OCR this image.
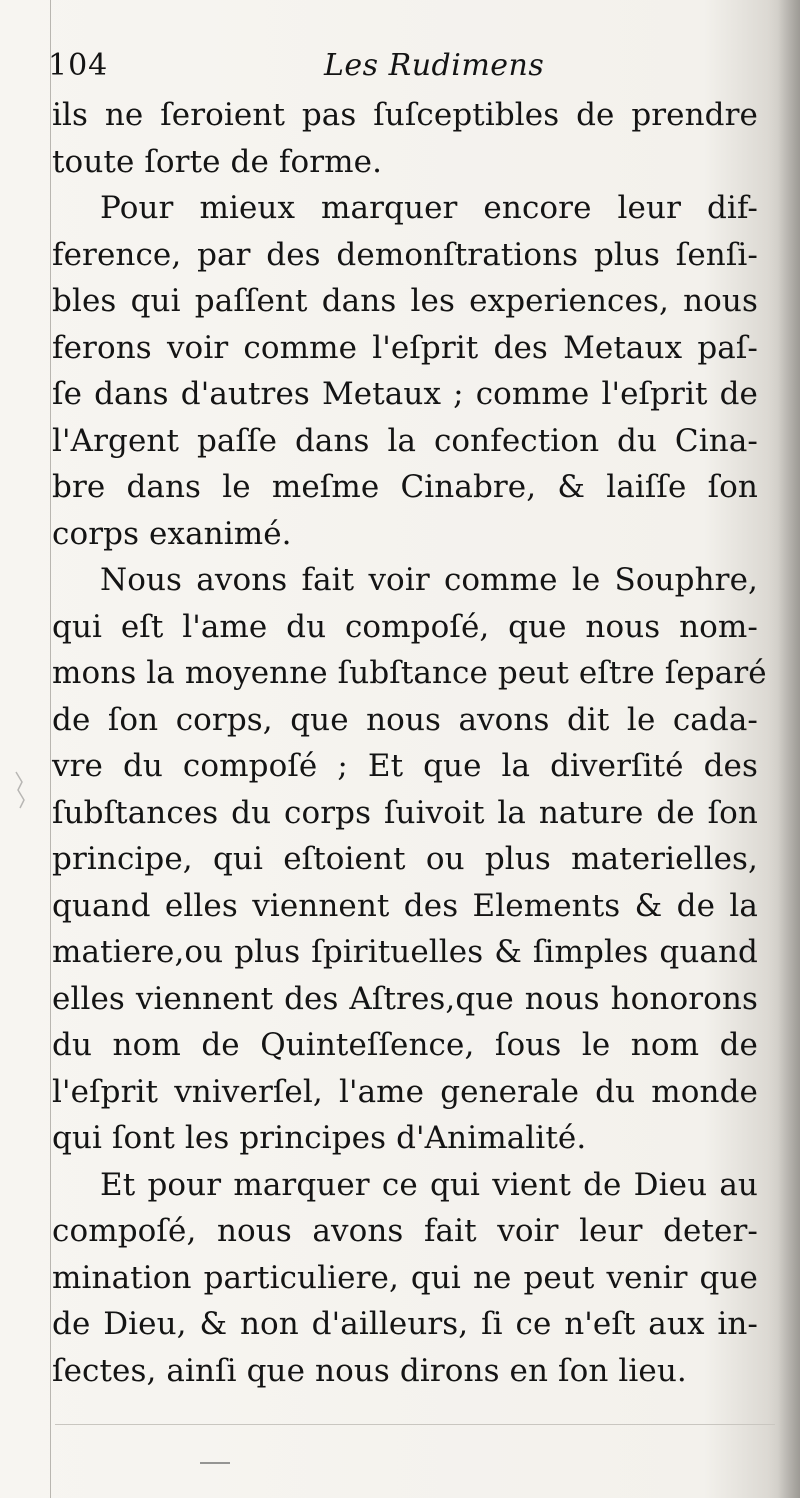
104	Les Rudimens
ils ne ſeroient pas ſuſceptibles de prendre
toute ſorte de forme.
Pour mieux marquer encore leur dif-
ference, par des demonſtrations plus ſenſi-
bles qui paſſent dans les experiences, nous
ferons voir comme l'eſprit des Metaux paſ-
ſe dans d'autres Metaux ; comme l'eſprit de
l'Argent paſſe dans la confection du Cina-
bre dans le meſme Cinabre, & laiſſe ſon
corps exanimé.
Nous avons fait voir comme le Souphre,
qui eſt l'ame du compoſé, que nous nom-
mons la moyenne ſubſtance peut eſtre ſeparé
de ſon corps, que nous avons dit le cada-
vre du compoſé ; Et que la diverſité des
ſubſtances du corps ſuivoit la nature de ſon
principe, qui eſtoient ou plus materielles,
quand elles viennent des Elements & de la
matiere,ou plus ſpirituelles & ſimples quand
elles viennent des Aſtres,que nous honorons
du nom de Quinteſſence, ſous le nom de
l'eſprit vniverſel, l'ame generale du monde
qui ſont les principes d'Animalité.
Et pour marquer ce qui vient de Dieu au
compoſé, nous avons fait voir leur deter-
mination particuliere, qui ne peut venir que
de Dieu, & non d'ailleurs, ſi ce n'eſt aux in-
ſectes, ainſi que nous dirons en ſon lieu.
